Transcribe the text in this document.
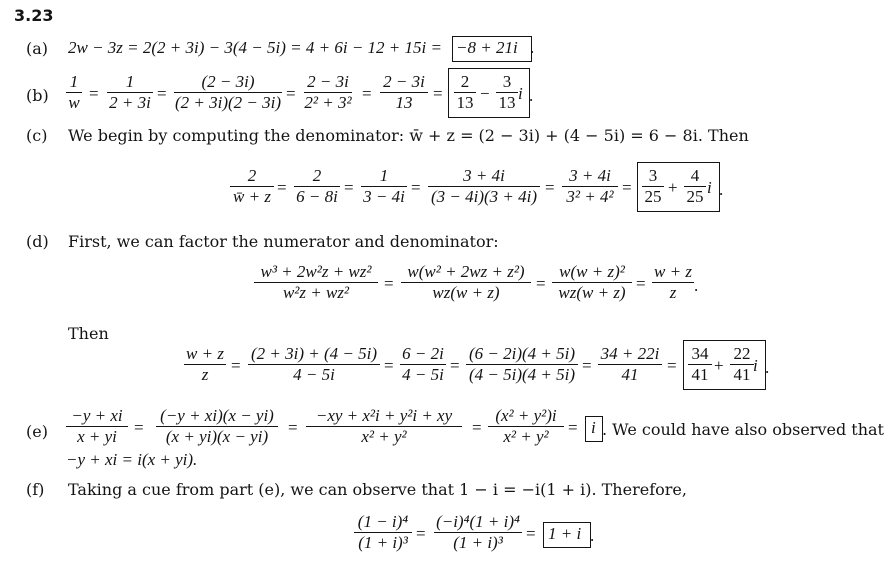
3.23
(a) 2w − 3z = 2(2 + 3i) − 3(4 − 5i) = 4 + 6i − 12 + 15i = −8 + 21i .
(b)
1
w =
1
2 + 3i =
(2 − 3i)
(2 + 3i)(2 − 3i) =
2 − 3i
2² + 3² =
2 − 3i
13	=
2
13 −
3
13 i .
(c) We begin by computing the denominator: w̄ + z = (2 − 3i) + (4 − 5i) = 6 − 8i. Then
2
w̄ + z =
2
6 − 8i =
1
3 − 4i =
3 + 4i
(3 − 4i)(3 + 4i) =
3 + 4i
3² + 4² =
3
25 +
4
25 i .
(d) First, we can factor the numerator and denominator:
w³ + 2w²z + wz²
w²z + wz²	=
w(w² + 2wz + z²)
wz(w + z)	=
w(w + z)²
wz(w + z) =
w + z
z	.
Then
w + z
z	=
(2 + 3i) + (4 − 5i)
4 − 5i	=
6 − 2i
4 − 5i =
(6 − 2i)(4 + 5i)
(4 − 5i)(4 + 5i) =
34 + 22i
41	=
34
41 +
22
41 i .
(e)
−y + xi
x + yi	=
(−y + xi)(x − yi)
(x + yi)(x − yi)	=
−xy + x²i + y²i + xy
x² + y²	=
(x² + y²)i
x² + y²	= i . We could have also observed that
−y + xi = i(x + yi).
(f) Taking a cue from part (e), we can observe that 1 − i = −i(1 + i). Therefore,
(1 − i)⁴
(1 + i)³ =
(−i)⁴(1 + i)⁴
(1 + i)³	= 1 + i .
